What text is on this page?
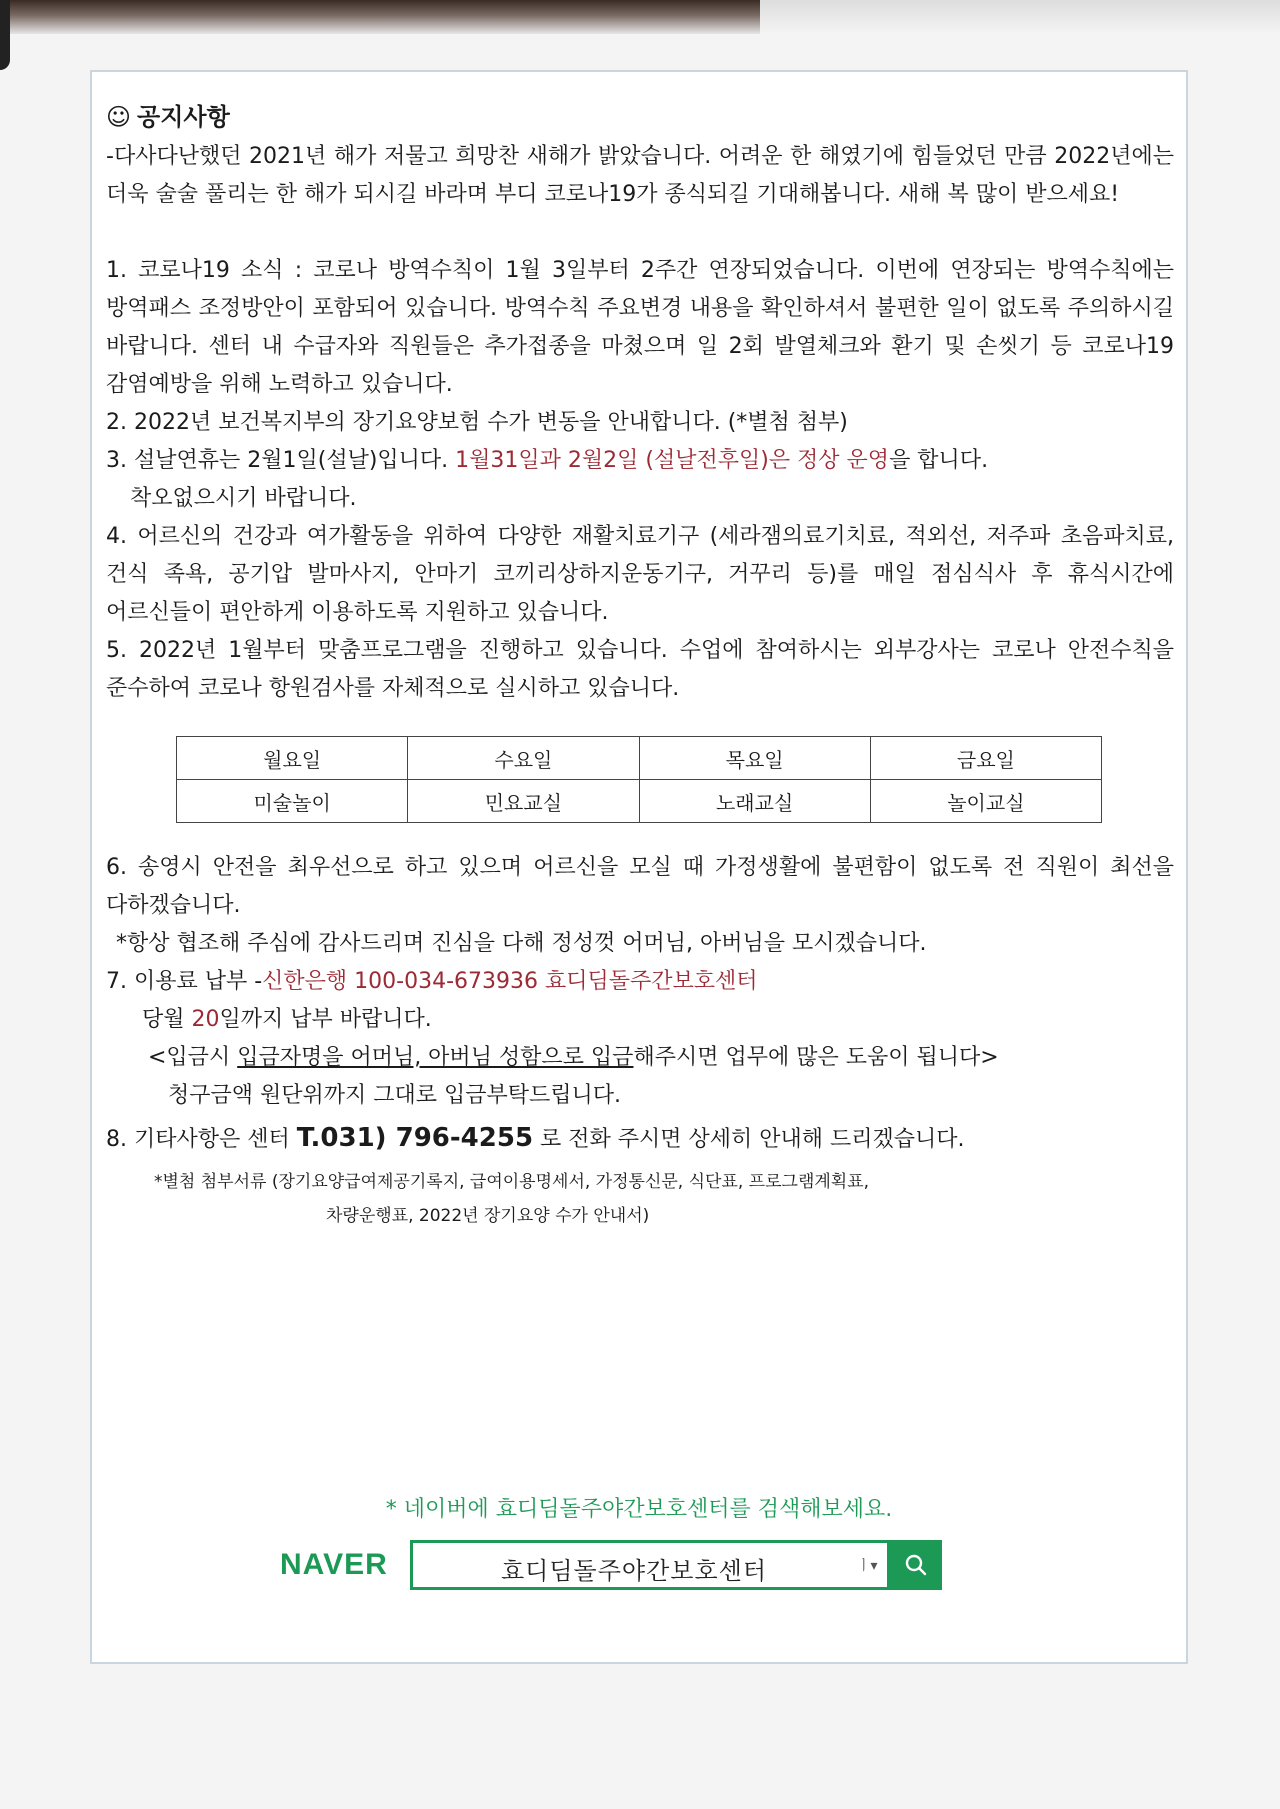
☺ 공지사항

-다사다난했던 2021년 해가 저물고 희망찬 새해가 밝았습니다. 어려운 한 해였기에 힘들었던 만큼 2022년에는 더욱 술술 풀리는 한 해가 되시길 바라며 부디 코로나19가 종식되길 기대해봅니다. 새해 복 많이 받으세요!

1. 코로나19 소식 : 코로나 방역수칙이 1월 3일부터 2주간 연장되었습니다. 이번에 연장되는 방역수칙에는 방역패스 조정방안이 포함되어 있습니다. 방역수칙 주요변경 내용을 확인하셔서 불편한 일이 없도록 주의하시길 바랍니다. 센터 내 수급자와 직원들은 추가접종을 마쳤으며 일 2회 발열체크와 환기 및 손씻기 등 코로나19 감염예방을 위해 노력하고 있습니다.

2. 2022년 보건복지부의 장기요양보험 수가 변동을 안내합니다. (*별첨 첨부)

3. 설날연휴는 2월1일(설날)입니다. 1월31일과 2월2일 (설날전후일)은 정상 운영을 합니다.

착오없으시기 바랍니다.

4. 어르신의 건강과 여가활동을 위하여 다양한 재활치료기구 (세라잼의료기치료, 적외선, 저주파 초음파치료, 건식 족욕, 공기압 발마사지, 안마기 코끼리상하지운동기구, 거꾸리 등)를 매일 점심식사 후 휴식시간에 어르신들이 편안하게 이용하도록 지원하고 있습니다.

5. 2022년 1월부터 맞춤프로그램을 진행하고 있습니다. 수업에 참여하시는 외부강사는 코로나 안전수칙을 준수하여 코로나 항원검사를 자체적으로 실시하고 있습니다.

월요일	수요일	목요일	금요일
미술놀이	민요교실	노래교실	놀이교실

6. 송영시 안전을 최우선으로 하고 있으며 어르신을 모실 때 가정생활에 불편함이 없도록 전 직원이 최선을 다하겠습니다.

*항상 협조해 주심에 감사드리며 진심을 다해 정성껏 어머님, 아버님을 모시겠습니다.

7. 이용료 납부 -신한은행 100-034-673936 효디딤돌주간보호센터

당월 20일까지 납부 바랍니다.

<입금시 입금자명을 어머님, 아버님 성함으로 입금해주시면 업무에 많은 도움이 됩니다>

청구금액 원단위까지 그대로 입금부탁드립니다.

8. 기타사항은 센터 T.031) 796-4255 로 전화 주시면 상세히 안내해 드리겠습니다.

*별첨 첨부서류 (장기요양급여제공기록지, 급여이용명세서, 가정통신문, 식단표, 프로그램계획표,
차량운행표, 2022년 장기요양 수가 안내서)
* 네이버에 효디딤돌주야간보호센터를 검색해보세요.
NAVER	효디딤돌주야간보호센터	ㅣ▾
